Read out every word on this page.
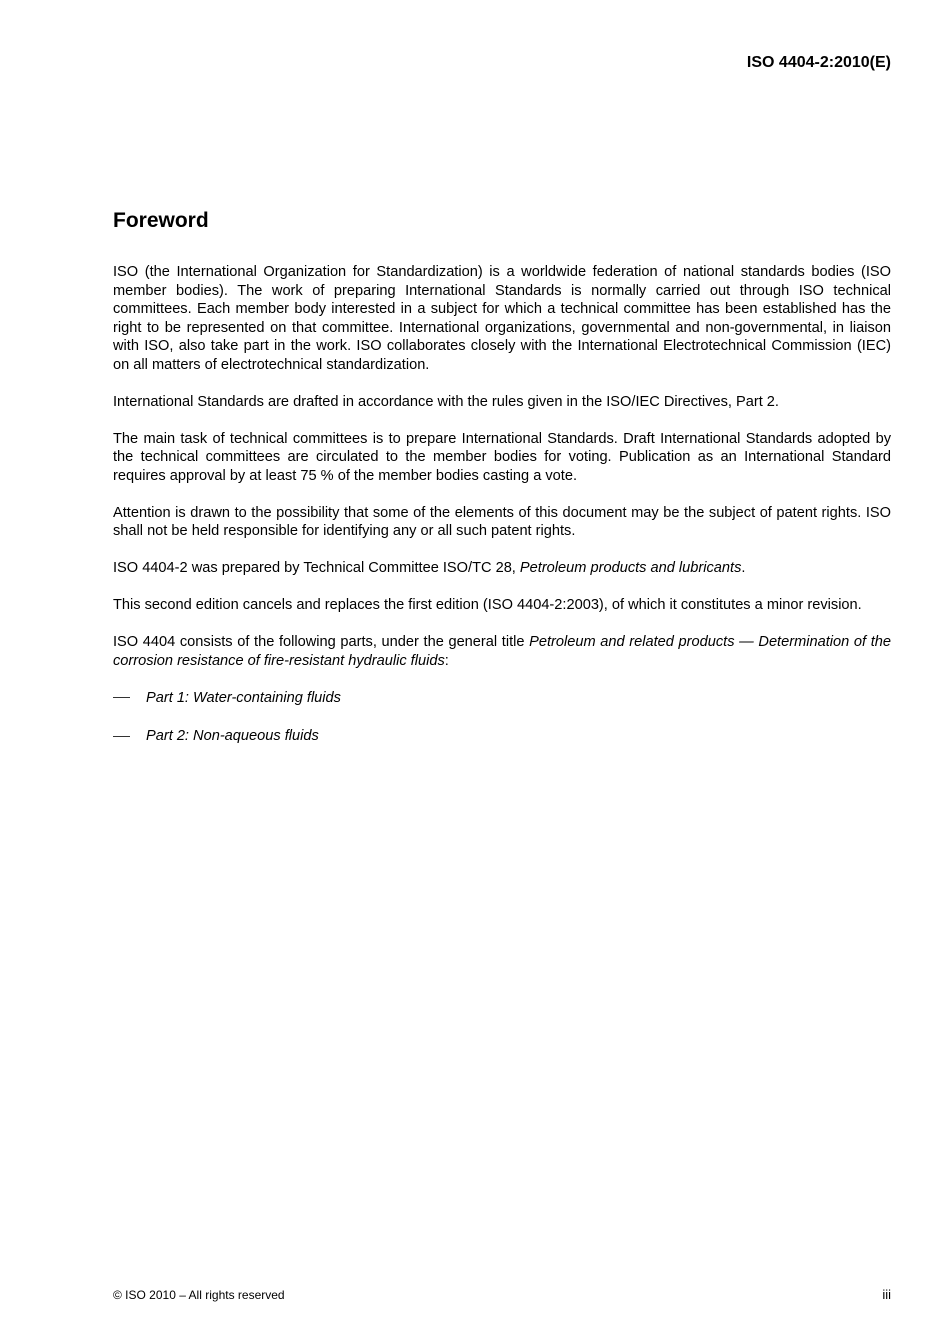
ISO 4404-2:2010(E)
Foreword

ISO (the International Organization for Standardization) is a worldwide federation of national standards bodies (ISO member bodies). The work of preparing International Standards is normally carried out through ISO technical committees. Each member body interested in a subject for which a technical committee has been established has the right to be represented on that committee. International organizations, governmental and non-governmental, in liaison with ISO, also take part in the work. ISO collaborates closely with the International Electrotechnical Commission (IEC) on all matters of electrotechnical standardization.

International Standards are drafted in accordance with the rules given in the ISO/IEC Directives, Part 2.

The main task of technical committees is to prepare International Standards. Draft International Standards adopted by the technical committees are circulated to the member bodies for voting. Publication as an International Standard requires approval by at least 75 % of the member bodies casting a vote.

Attention is drawn to the possibility that some of the elements of this document may be the subject of patent rights. ISO shall not be held responsible for identifying any or all such patent rights.

ISO 4404-2 was prepared by Technical Committee ISO/TC 28, Petroleum products and lubricants.

This second edition cancels and replaces the first edition (ISO 4404-2:2003), of which it constitutes a minor revision.

ISO 4404 consists of the following parts, under the general title Petroleum and related products — Determination of the corrosion resistance of fire-resistant hydraulic fluids:

Part 1: Water-containing fluids
Part 2: Non-aqueous fluids
© ISO 2010 – All rights reserved	iii
